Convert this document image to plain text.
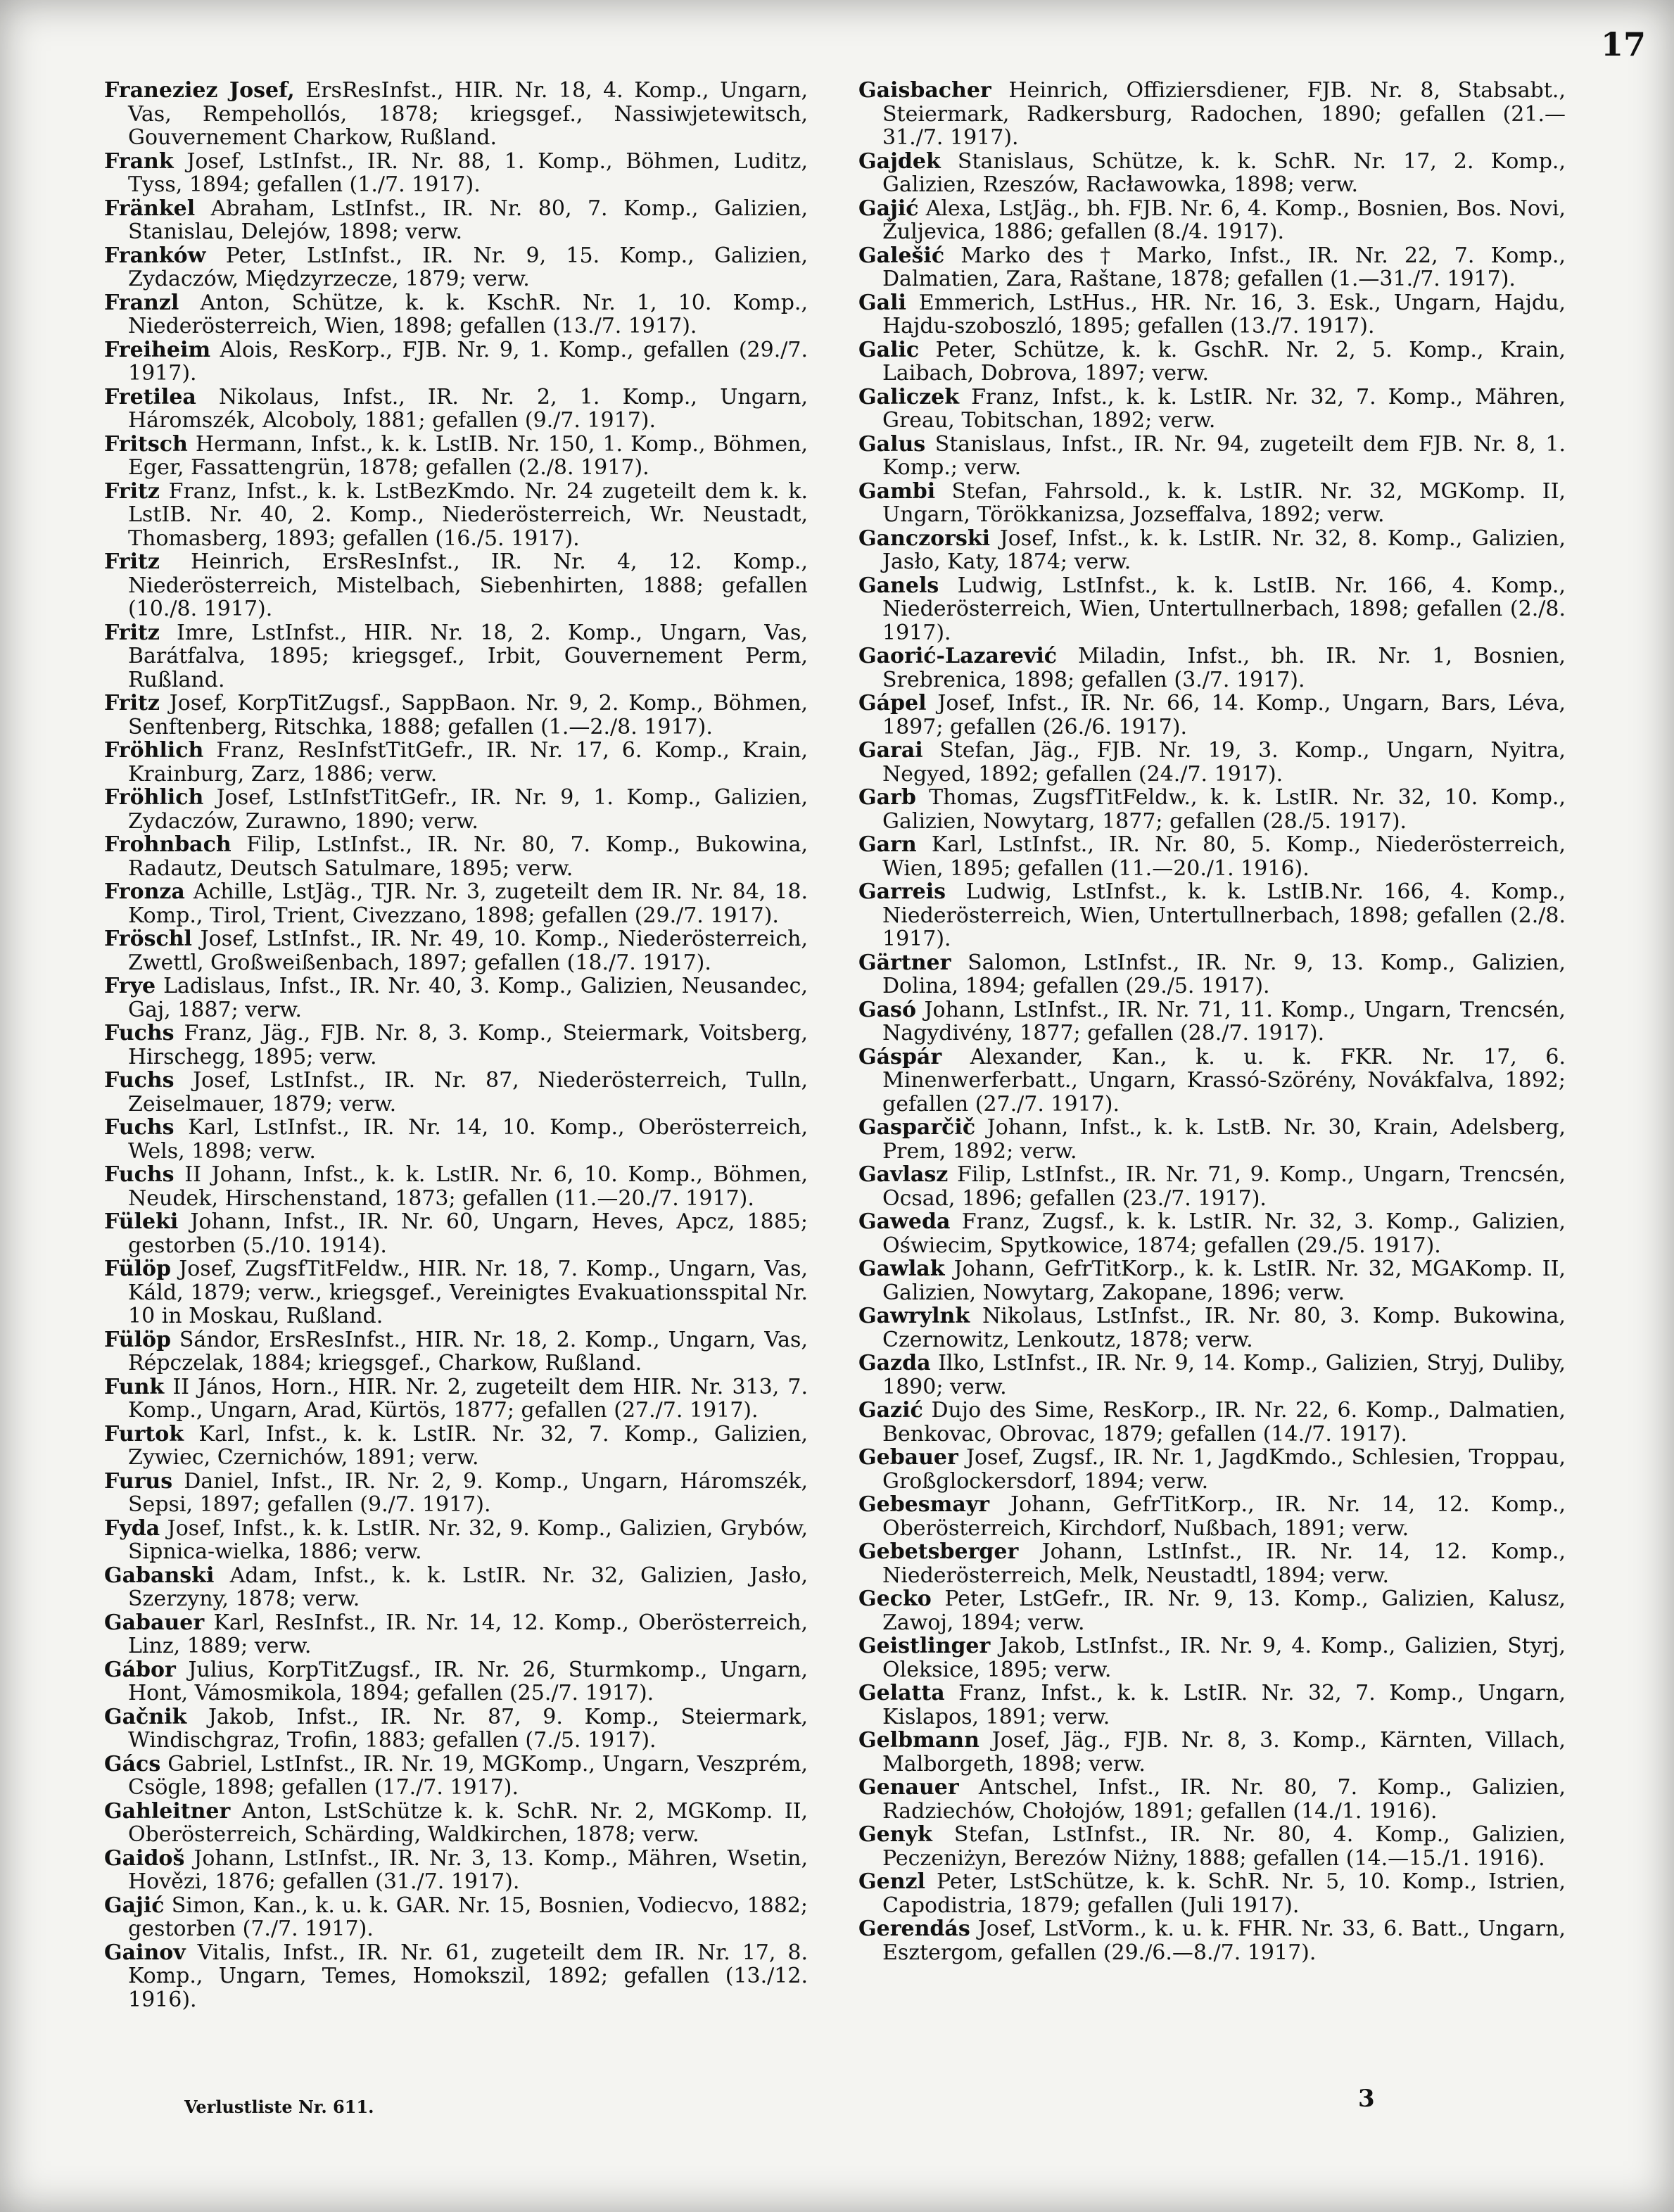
17

Franeziez Josef, ErsResInfst., HIR. Nr. 18, 4. Komp., Ungarn, Vas, Rempehollós, 1878; kriegsgef., Nassiwjetewitsch, Gouvernement Charkow, Rußland.

Frank Josef, LstInfst., IR. Nr. 88, 1. Komp., Böhmen, Luditz, Tyss, 1894; gefallen (1./7. 1917).

Fränkel Abraham, LstInfst., IR. Nr. 80, 7. Komp., Galizien, Stanislau, Delejów, 1898; verw.

Franków Peter, LstInfst., IR. Nr. 9, 15. Komp., Galizien, Zydaczów, Międzyrzecze, 1879; verw.

Franzl Anton, Schütze, k. k. KschR. Nr. 1, 10. Komp., Niederösterreich, Wien, 1898; gefallen (13./7. 1917).

Freiheim Alois, ResKorp., FJB. Nr. 9, 1. Komp., gefallen (29./7. 1917).

Fretilea Nikolaus, Infst., IR. Nr. 2, 1. Komp., Ungarn, Háromszék, Alcoboly, 1881; gefallen (9./7. 1917).

Fritsch Hermann, Infst., k. k. LstIB. Nr. 150, 1. Komp., Böhmen, Eger, Fassattengrün, 1878; gefallen (2./8. 1917).

Fritz Franz, Infst., k. k. LstBezKmdo. Nr. 24 zugeteilt dem k. k. LstIB. Nr. 40, 2. Komp., Niederösterreich, Wr. Neustadt, Thomasberg, 1893; gefallen (16./5. 1917).

Fritz Heinrich, ErsResInfst., IR. Nr. 4, 12. Komp., Niederösterreich, Mistelbach, Siebenhirten, 1888; gefallen (10./8. 1917).

Fritz Imre, LstInfst., HIR. Nr. 18, 2. Komp., Ungarn, Vas, Barátfalva, 1895; kriegsgef., Irbit, Gouvernement Perm, Rußland.

Fritz Josef, KorpTitZugsf., SappBaon. Nr. 9, 2. Komp., Böhmen, Senftenberg, Ritschka, 1888; gefallen (1.—2./8. 1917).

Fröhlich Franz, ResInfstTitGefr., IR. Nr. 17, 6. Komp., Krain, Krainburg, Zarz, 1886; verw.

Fröhlich Josef, LstInfstTitGefr., IR. Nr. 9, 1. Komp., Galizien, Zydaczów, Zurawno, 1890; verw.

Frohnbach Filip, LstInfst., IR. Nr. 80, 7. Komp., Bukowina, Radautz, Deutsch Satulmare, 1895; verw.

Fronza Achille, LstJäg., TJR. Nr. 3, zugeteilt dem IR. Nr. 84, 18. Komp., Tirol, Trient, Civezzano, 1898; gefallen (29./7. 1917).

Fröschl Josef, LstInfst., IR. Nr. 49, 10. Komp., Niederösterreich, Zwettl, Großweißenbach, 1897; gefallen (18./7. 1917).

Frye Ladislaus, Infst., IR. Nr. 40, 3. Komp., Galizien, Neusandec, Gaj, 1887; verw.

Fuchs Franz, Jäg., FJB. Nr. 8, 3. Komp., Steiermark, Voitsberg, Hirschegg, 1895; verw.

Fuchs Josef, LstInfst., IR. Nr. 87, Niederösterreich, Tulln, Zeiselmauer, 1879; verw.

Fuchs Karl, LstInfst., IR. Nr. 14, 10. Komp., Oberösterreich, Wels, 1898; verw.

Fuchs II Johann, Infst., k. k. LstIR. Nr. 6, 10. Komp., Böhmen, Neudek, Hirschenstand, 1873; gefallen (11.—20./7. 1917).

Füleki Johann, Infst., IR. Nr. 60, Ungarn, Heves, Apcz, 1885; gestorben (5./10. 1914).

Fülöp Josef, ZugsfTitFeldw., HIR. Nr. 18, 7. Komp., Ungarn, Vas, Káld, 1879; verw., kriegsgef., Vereinigtes Evakuationsspital Nr. 10 in Moskau, Rußland.

Fülöp Sándor, ErsResInfst., HIR. Nr. 18, 2. Komp., Ungarn, Vas, Répczelak, 1884; kriegsgef., Charkow, Rußland.

Funk II János, Horn., HIR. Nr. 2, zugeteilt dem HIR. Nr. 313, 7. Komp., Ungarn, Arad, Kürtös, 1877; gefallen (27./7. 1917).

Furtok Karl, Infst., k. k. LstIR. Nr. 32, 7. Komp., Galizien, Zywiec, Czernichów, 1891; verw.

Furus Daniel, Infst., IR. Nr. 2, 9. Komp., Ungarn, Háromszék, Sepsi, 1897; gefallen (9./7. 1917).

Fyda Josef, Infst., k. k. LstIR. Nr. 32, 9. Komp., Galizien, Grybów, Sipnica-wielka, 1886; verw.

Gabanski Adam, Infst., k. k. LstIR. Nr. 32, Galizien, Jasło, Szerzyny, 1878; verw.

Gabauer Karl, ResInfst., IR. Nr. 14, 12. Komp., Oberösterreich, Linz, 1889; verw.

Gábor Julius, KorpTitZugsf., IR. Nr. 26, Sturmkomp., Ungarn, Hont, Vámosmikola, 1894; gefallen (25./7. 1917).

Gačnik Jakob, Infst., IR. Nr. 87, 9. Komp., Steiermark, Windischgraz, Trofin, 1883; gefallen (7./5. 1917).

Gács Gabriel, LstInfst., IR. Nr. 19, MGKomp., Ungarn, Veszprém, Csögle, 1898; gefallen (17./7. 1917).

Gahleitner Anton, LstSchütze k. k. SchR. Nr. 2, MGKomp. II, Oberösterreich, Schärding, Waldkirchen, 1878; verw.

Gaidoš Johann, LstInfst., IR. Nr. 3, 13. Komp., Mähren, Wsetin, Hovězi, 1876; gefallen (31./7. 1917).

Gajić Simon, Kan., k. u. k. GAR. Nr. 15, Bosnien, Vodiecvo, 1882; gestorben (7./7. 1917).

Gainov Vitalis, Infst., IR. Nr. 61, zugeteilt dem IR. Nr. 17, 8. Komp., Ungarn, Temes, Homokszil, 1892; gefallen (13./12. 1916).

Gaisbacher Heinrich, Offiziersdiener, FJB. Nr. 8, Stabsabt., Steiermark, Radkersburg, Radochen, 1890; gefallen (21.—31./7. 1917).

Gajdek Stanislaus, Schütze, k. k. SchR. Nr. 17, 2. Komp., Galizien, Rzeszów, Racławowka, 1898; verw.

Gajić Alexa, LstJäg., bh. FJB. Nr. 6, 4. Komp., Bosnien, Bos. Novi, Žuljevica, 1886; gefallen (8./4. 1917).

Galešić Marko des † Marko, Infst., IR. Nr. 22, 7. Komp., Dalmatien, Zara, Raštane, 1878; gefallen (1.—31./7. 1917).

Gali Emmerich, LstHus., HR. Nr. 16, 3. Esk., Ungarn, Hajdu, Hajdu-szoboszló, 1895; gefallen (13./7. 1917).

Galic Peter, Schütze, k. k. GschR. Nr. 2, 5. Komp., Krain, Laibach, Dobrova, 1897; verw.

Galiczek Franz, Infst., k. k. LstIR. Nr. 32, 7. Komp., Mähren, Greau, Tobitschan, 1892; verw.

Galus Stanislaus, Infst., IR. Nr. 94, zugeteilt dem FJB. Nr. 8, 1. Komp.; verw.

Gambi Stefan, Fahrsold., k. k. LstIR. Nr. 32, MGKomp. II, Ungarn, Törökkanizsa, Jozseffalva, 1892; verw.

Ganczorski Josef, Infst., k. k. LstIR. Nr. 32, 8. Komp., Galizien, Jasło, Katy, 1874; verw.

Ganels Ludwig, LstInfst., k. k. LstIB. Nr. 166, 4. Komp., Niederösterreich, Wien, Untertullnerbach, 1898; gefallen (2./8. 1917).

Gaorić-Lazarević Miladin, Infst., bh. IR. Nr. 1, Bosnien, Srebrenica, 1898; gefallen (3./7. 1917).

Gápel Josef, Infst., IR. Nr. 66, 14. Komp., Ungarn, Bars, Léva, 1897; gefallen (26./6. 1917).

Garai Stefan, Jäg., FJB. Nr. 19, 3. Komp., Ungarn, Nyitra, Negyed, 1892; gefallen (24./7. 1917).

Garb Thomas, ZugsfTitFeldw., k. k. LstIR. Nr. 32, 10. Komp., Galizien, Nowytarg, 1877; gefallen (28./5. 1917).

Garn Karl, LstInfst., IR. Nr. 80, 5. Komp., Niederösterreich, Wien, 1895; gefallen (11.—20./1. 1916).

Garreis Ludwig, LstInfst., k. k. LstIB.Nr. 166, 4. Komp., Niederösterreich, Wien, Untertullnerbach, 1898; gefallen (2./8. 1917).

Gärtner Salomon, LstInfst., IR. Nr. 9, 13. Komp., Galizien, Dolina, 1894; gefallen (29./5. 1917).

Gasó Johann, LstInfst., IR. Nr. 71, 11. Komp., Ungarn, Trencsén, Nagydivény, 1877; gefallen (28./7. 1917).

Gáspár Alexander, Kan., k. u. k. FKR. Nr. 17, 6. Minenwerferbatt., Ungarn, Krassó-Szörény, Novákfalva, 1892; gefallen (27./7. 1917).

Gasparčič Johann, Infst., k. k. LstB. Nr. 30, Krain, Adelsberg, Prem, 1892; verw.

Gavlasz Filip, LstInfst., IR. Nr. 71, 9. Komp., Ungarn, Trencsén, Ocsad, 1896; gefallen (23./7. 1917).

Gaweda Franz, Zugsf., k. k. LstIR. Nr. 32, 3. Komp., Galizien, Oświecim, Spytkowice, 1874; gefallen (29./5. 1917).

Gawlak Johann, GefrTitKorp., k. k. LstIR. Nr. 32, MGAKomp. II, Galizien, Nowytarg, Zakopane, 1896; verw.

Gawrylnk Nikolaus, LstInfst., IR. Nr. 80, 3. Komp. Bukowina, Czernowitz, Lenkoutz, 1878; verw.

Gazda Ilko, LstInfst., IR. Nr. 9, 14. Komp., Galizien, Stryj, Duliby, 1890; verw.

Gazić Dujo des Sime, ResKorp., IR. Nr. 22, 6. Komp., Dalmatien, Benkovac, Obrovac, 1879; gefallen (14./7. 1917).

Gebauer Josef, Zugsf., IR. Nr. 1, JagdKmdo., Schlesien, Troppau, Großglockersdorf, 1894; verw.

Gebesmayr Johann, GefrTitKorp., IR. Nr. 14, 12. Komp., Oberösterreich, Kirchdorf, Nußbach, 1891; verw.

Gebetsberger Johann, LstInfst., IR. Nr. 14, 12. Komp., Niederösterreich, Melk, Neustadtl, 1894; verw.

Gecko Peter, LstGefr., IR. Nr. 9, 13. Komp., Galizien, Kalusz, Zawoj, 1894; verw.

Geistlinger Jakob, LstInfst., IR. Nr. 9, 4. Komp., Galizien, Styrj, Oleksice, 1895; verw.

Gelatta Franz, Infst., k. k. LstIR. Nr. 32, 7. Komp., Ungarn, Kislapos, 1891; verw.

Gelbmann Josef, Jäg., FJB. Nr. 8, 3. Komp., Kärnten, Villach, Malborgeth, 1898; verw.

Genauer Antschel, Infst., IR. Nr. 80, 7. Komp., Galizien, Radziechów, Chołojów, 1891; gefallen (14./1. 1916).

Genyk Stefan, LstInfst., IR. Nr. 80, 4. Komp., Galizien, Peczeniżyn, Berezów Niżny, 1888; gefallen (14.—15./1. 1916).

Genzl Peter, LstSchütze, k. k. SchR. Nr. 5, 10. Komp., Istrien, Capodistria, 1879; gefallen (Juli 1917).

Gerendás Josef, LstVorm., k. u. k. FHR. Nr. 33, 6. Batt., Ungarn, Esztergom, gefallen (29./6.—8./7. 1917).

Verlustliste Nr. 611.	3
